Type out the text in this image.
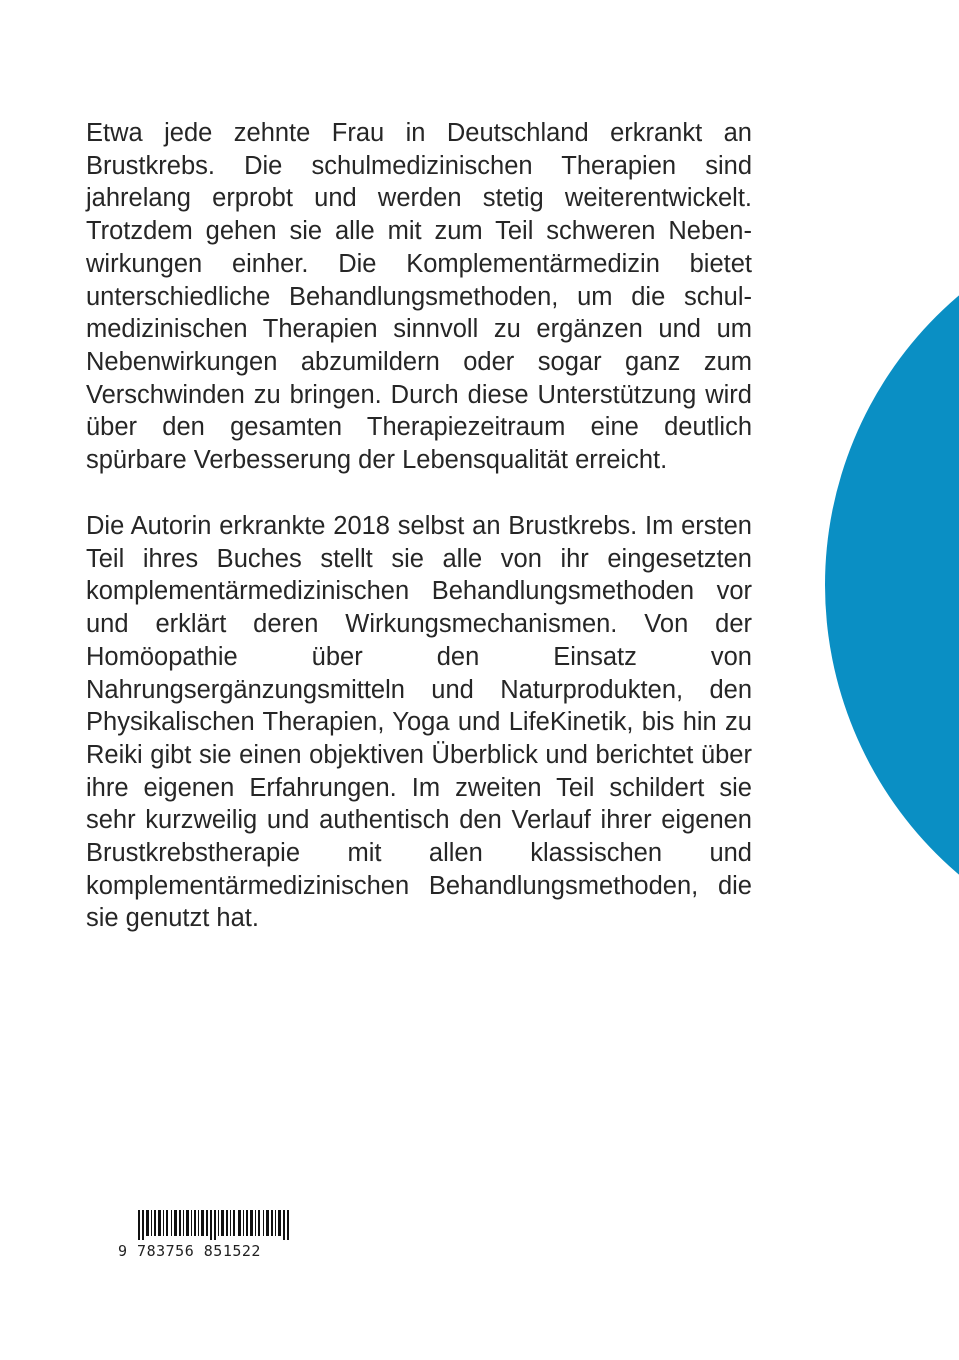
Etwa jede zehnte Frau in Deutschland erkrankt an Brustkrebs. Die schulmedizinischen Therapien sind jahrelang erprobt und werden stetig weiterentwickelt. Trotzdem gehen sie alle mit zum Teil schweren Nebenwirkungen einher. Die Komplementärmedizin bietet unterschiedliche Behandlungsmethoden, um die schulmedizinischen Therapien sinnvoll zu ergänzen und um Nebenwirkungen abzumildern oder sogar ganz zum Verschwinden zu bringen. Durch diese Unterstützung wird über den gesamten Therapiezeitraum eine deutlich spürbare Verbesserung der Lebensqualität erreicht.

Die Autorin erkrankte 2018 selbst an Brustkrebs. Im ersten Teil ihres Buches stellt sie alle von ihr eingesetzten komplementärmedizinischen Behandlungsmethoden vor und erklärt deren Wirkungsmechanismen. Von der Homöopathie über den Einsatz von Nahrungsergänzungsmitteln und Naturprodukten, den Physikalischen Therapien, Yoga und LifeKinetik, bis hin zu Reiki gibt sie einen objektiven Überblick und berichtet über ihre eigenen Erfahrungen. Im zweiten Teil schildert sie sehr kurzweilig und authentisch den Verlauf ihrer eigenen Brustkrebstherapie mit allen klassischen und komplementärmedizinischen Behandlungsmethoden, die sie genutzt hat.

9 783756 851522
